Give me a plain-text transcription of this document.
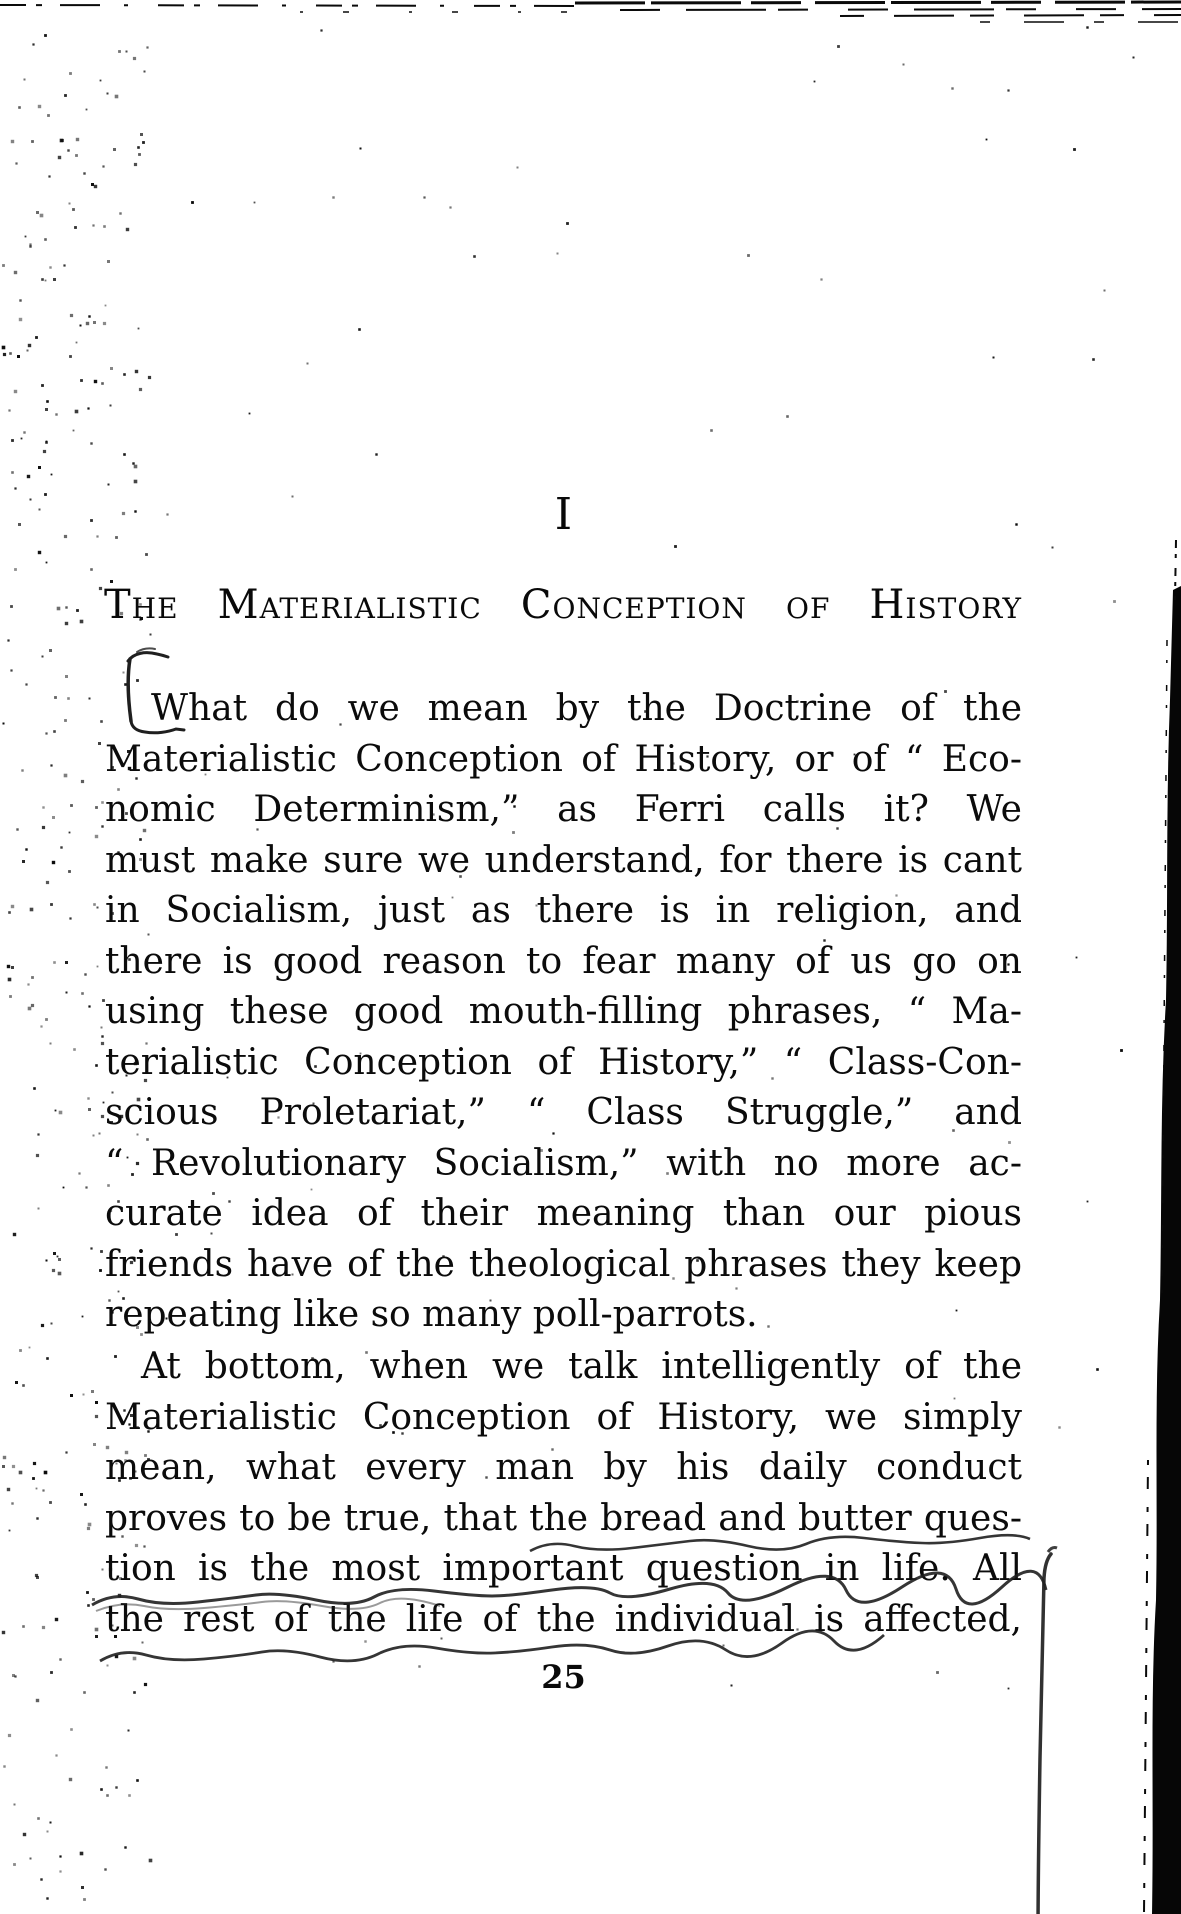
I
The Materialistic Conception of History
What do we mean by the Doctrine of the
Materialistic Conception of History, or of “ Eco-
nomic Determinism,” as Ferri calls it? We
must make sure we understand, for there is cant
in Socialism, just as there is in religion, and
there is good reason to fear many of us go on
using these good mouth-filling phrases, “ Ma-
terialistic Conception of History,” “ Class-Con-
scious Proletariat,” “ Class Struggle,” and
“ Revolutionary Socialism,” with no more ac-
curate idea of their meaning than our pious
friends have of the theological phrases they keep
repeating like so many poll-parrots.
At bottom, when we talk intelligently of the
Materialistic Conception of History, we simply
mean, what every man by his daily conduct
proves to be true, that the bread and butter ques-
tion is the most important question in life. All
the rest of the life of the individual is affected,
25
